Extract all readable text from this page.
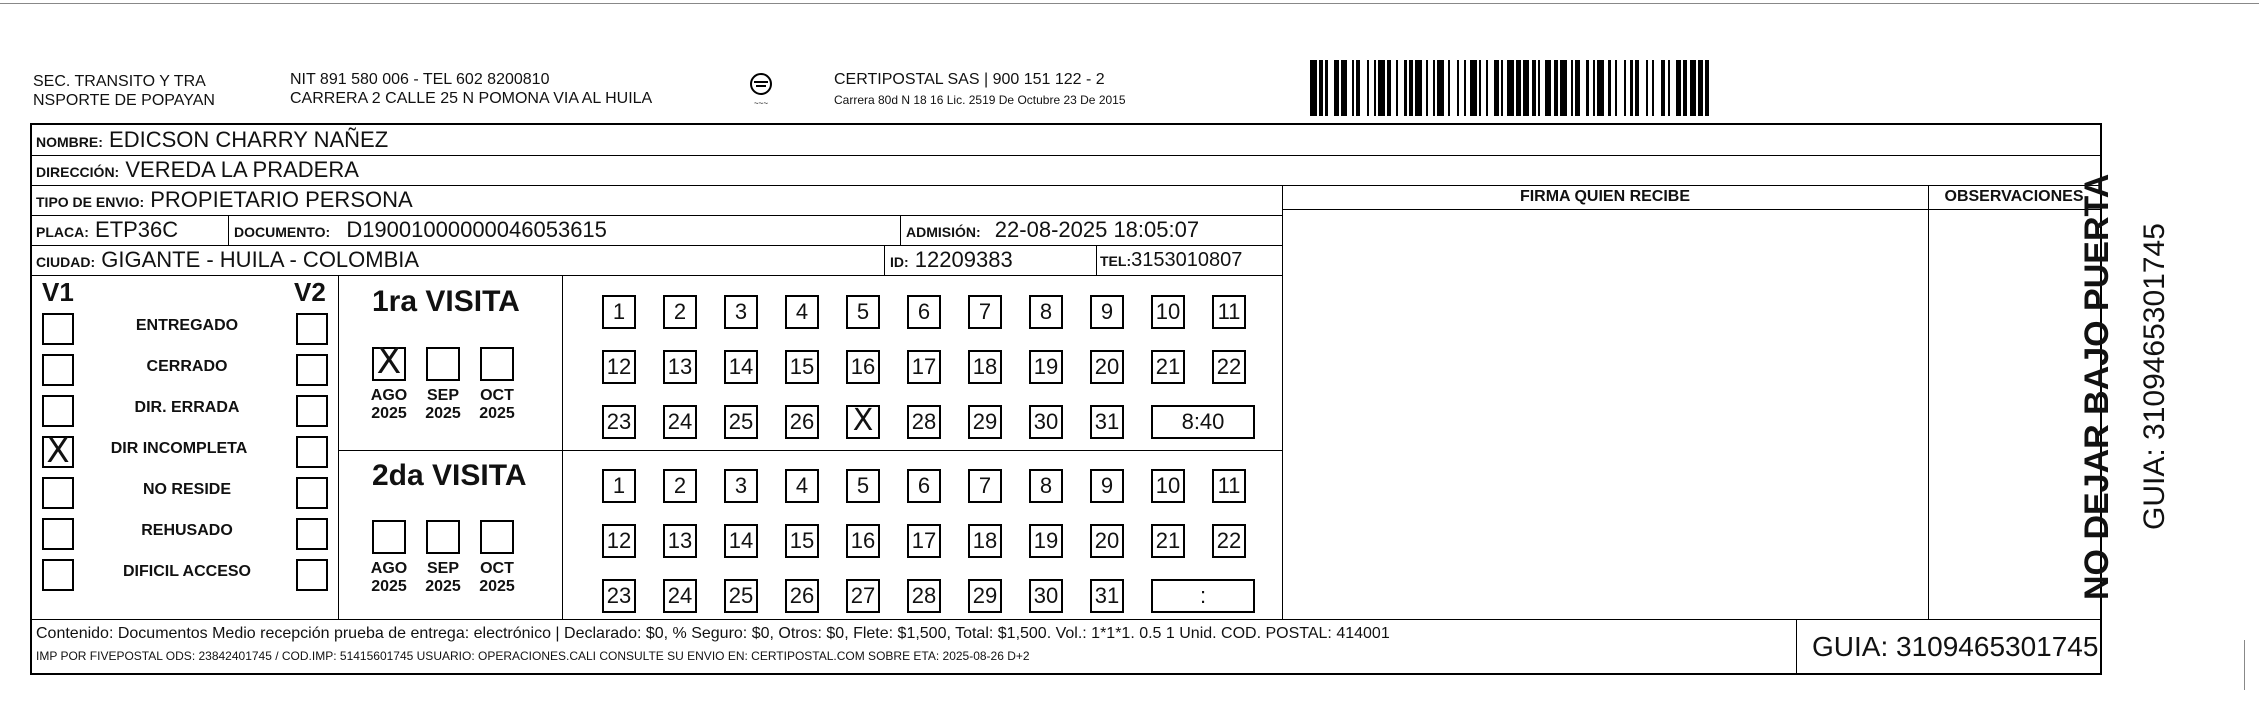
SEC. TRANSITO Y TRA
NSPORTE DE POPAYAN
NIT 891 580 006 - TEL 602 8200810
CARRERA 2 CALLE 25 N POMONA VIA AL HUILA	~~~
CERTIPOSTAL SAS | 900 151 122 - 2
Carrera 80d N 18 16 Lic. 2519 De Octubre 23 De 2015
NOMBRE: EDICSON CHARRY NAÑEZ
DIRECCIÓN: VEREDA LA PRADERA
TIPO DE ENVIO: PROPIETARIO PERSONA
PLACA: ETP36C	DOCUMENTO: D19001000000046053615	ADMISIÓN: 22-08-2025 18:05:07
CIUDAD: GIGANTE - HUILA - COLOMBIA	ID: 12209383	TEL:3153010807
FIRMA QUIEN RECIBE	OBSERVACIONES
V1	V2
ENTREGADO
CERRADO
DIR. ERRADA
X	DIR INCOMPLETA
NO RESIDE
REHUSADO
DIFICIL ACCESO
1ra VISITA
X
AGO
2025
SEP
2025
OCT
2025
1	2	3	4	5	6	7	8	9	10 11
12 13 14 15 16 17 18 19 20 21 22
23 24 25 26 X	28 29 30 31	8:40
2da VISITA
AGO
2025
SEP
2025
OCT
2025
1	2	3	4	5	6	7	8	9	10 11
12 13 14 15 16 17 18 19 20 21 22
23 24 25 26 27 28 29 30 31	:
Contenido: Documentos Medio recepción prueba de entrega: electrónico | Declarado: $0, % Seguro: $0, Otros: $0, Flete: $1,500, Total: $1,500. Vol.: 1*1*1. 0.5 1 Unid. COD. POSTAL: 414001
IMP POR FIVEPOSTAL ODS: 23842401745 / COD.IMP: 51415601745 USUARIO: OPERACIONES.CALI CONSULTE SU ENVIO EN: CERTIPOSTAL.COM SOBRE ETA: 2025-08-26 D+2	GUIA: 3109465301745
NO DEJAR BAJO PUERTA GUIA: 3109465301745
